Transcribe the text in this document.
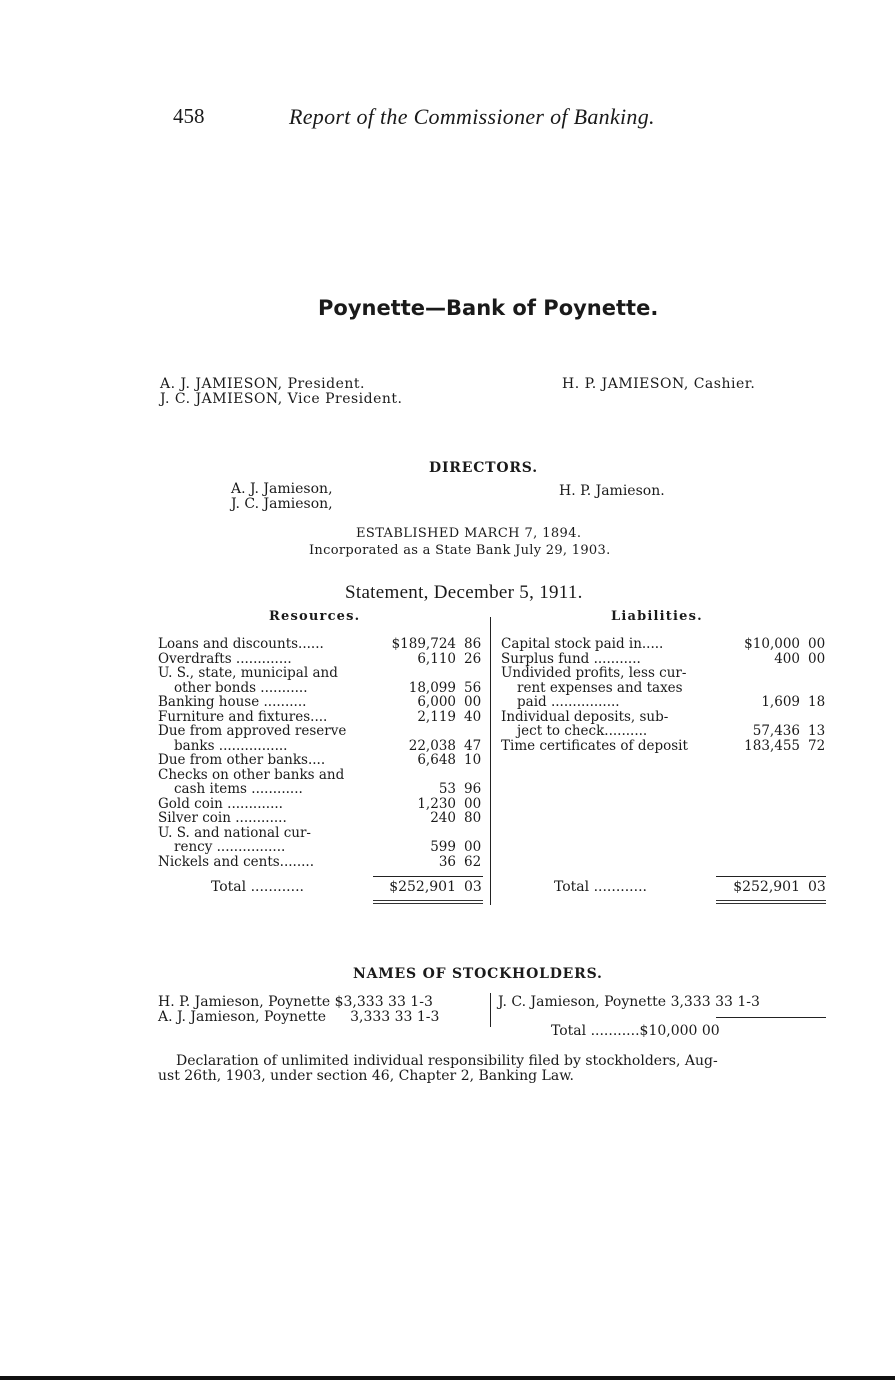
458	Report of the Commissioner of Banking.
Poynette—Bank of Poynette.
A. J. JAMIESON, President.
J. C. JAMIESON, Vice President.
H. P. JAMIESON, Cashier.
DIRECTORS.
A. J. Jamieson,
J. C. Jamieson,
H. P. Jamieson.
ESTABLISHED MARCH 7, 1894.
Incorporated as a State Bank July 29, 1903.
Statement, December 5, 1911.
Resources.	Liabilities.
Loans and discounts......	$189,724 86
Overdrafts .............	6,110 26
U. S., state, municipal and
other bonds ...........	18,099 56
Banking house ..........	6,000 00
Furniture and fixtures....	2,119 40
Due from approved reserve
banks ................	22,038 47
Due from other banks....	6,648 10
Checks on other banks and
cash items ............	53 96
Gold coin .............	1,230 00
Silver coin ............	240 80
U. S. and national cur-
rency ................	599 00
Nickels and cents........	36 62
Capital stock paid in.....	$10,000 00
Surplus fund ...........	400 00
Undivided profits, less cur-
rent expenses and taxes
paid ................	1,609 18
Individual deposits, sub-
ject to check..........	57,436 13
Time certificates of deposit	183,455 72
Total ............	$252,901 03	Total ............	$252,901 03
NAMES OF STOCKHOLDERS.
H. P. Jamieson, Poynette $3,333 33 1-3
A. J. Jamieson, Poynette 3,333 33 1-3
J. C. Jamieson, Poynette 3,333 33 1-3
Total ...........$10,000 00
Declaration of unlimited individual responsibility filed by stockholders, Aug-
ust 26th, 1903, under section 46, Chapter 2, Banking Law.
